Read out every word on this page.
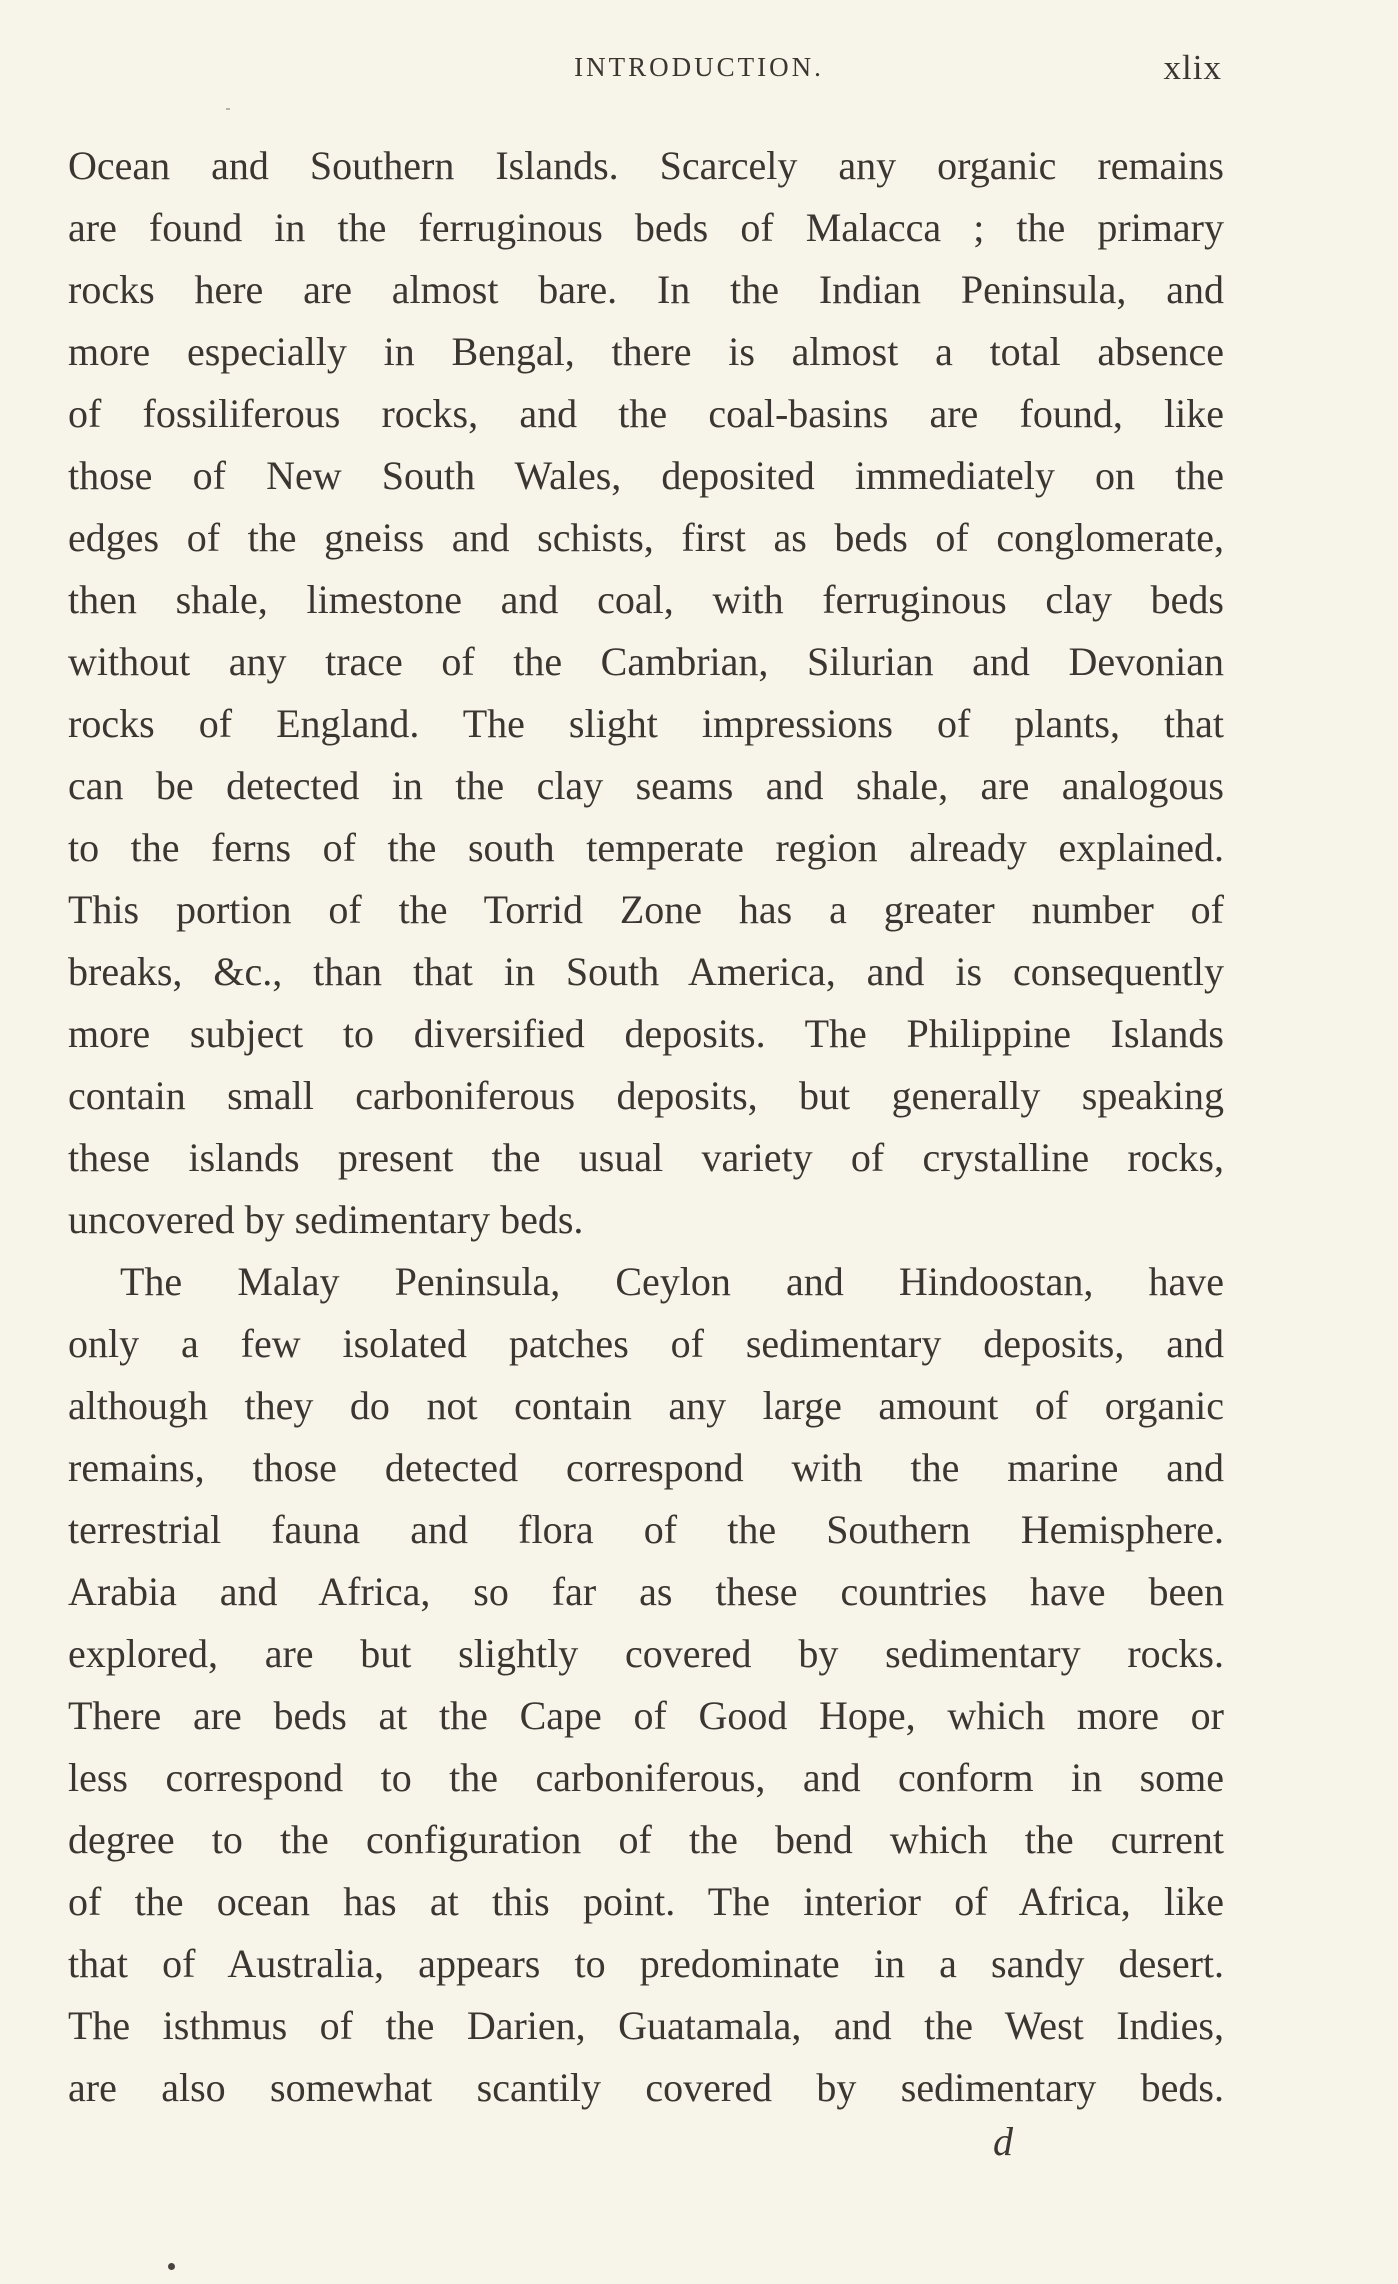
INTRODUCTION.	xlix
Ocean and Southern Islands. Scarcely any organic remains
are found in the ferruginous beds of Malacca ; the primary
rocks here are almost bare. In the Indian Peninsula, and
more especially in Bengal, there is almost a total absence
of fossiliferous rocks, and the coal-basins are found, like
those of New South Wales, deposited immediately on the
edges of the gneiss and schists, first as beds of conglomerate,
then shale, limestone and coal, with ferruginous clay beds
without any trace of the Cambrian, Silurian and Devonian
rocks of England. The slight impressions of plants, that
can be detected in the clay seams and shale, are analogous
to the ferns of the south temperate region already explained.
This portion of the Torrid Zone has a greater number of
breaks, &c., than that in South America, and is consequently
more subject to diversified deposits. The Philippine Islands
contain small carboniferous deposits, but generally speaking
these islands present the usual variety of crystalline rocks,
uncovered by sedimentary beds.
The Malay Peninsula, Ceylon and Hindoostan, have
only a few isolated patches of sedimentary deposits, and
although they do not contain any large amount of organic
remains, those detected correspond with the marine and
terrestrial fauna and flora of the Southern Hemisphere.
Arabia and Africa, so far as these countries have been
explored, are but slightly covered by sedimentary rocks.
There are beds at the Cape of Good Hope, which more or
less correspond to the carboniferous, and conform in some
degree to the configuration of the bend which the current
of the ocean has at this point. The interior of Africa, like
that of Australia, appears to predominate in a sandy desert.
The isthmus of the Darien, Guatamala, and the West Indies,
are also somewhat scantily covered by sedimentary beds.
d
